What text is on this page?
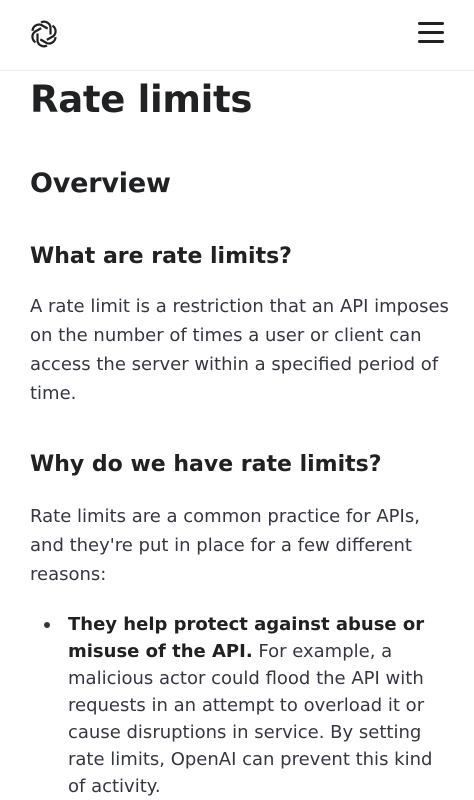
Rate limits
Overview
What are rate limits?

A rate limit is a restriction that an API imposes on the number of times a user or client can access the server within a specified period of time.

Why do we have rate limits?

Rate limits are a common practice for APIs, and they're put in place for a few different reasons:

They help protect against abuse or misuse of the API. For example, a malicious actor could flood the API with requests in an attempt to overload it or cause disruptions in service. By setting rate limits, OpenAI can prevent this kind of activity.
